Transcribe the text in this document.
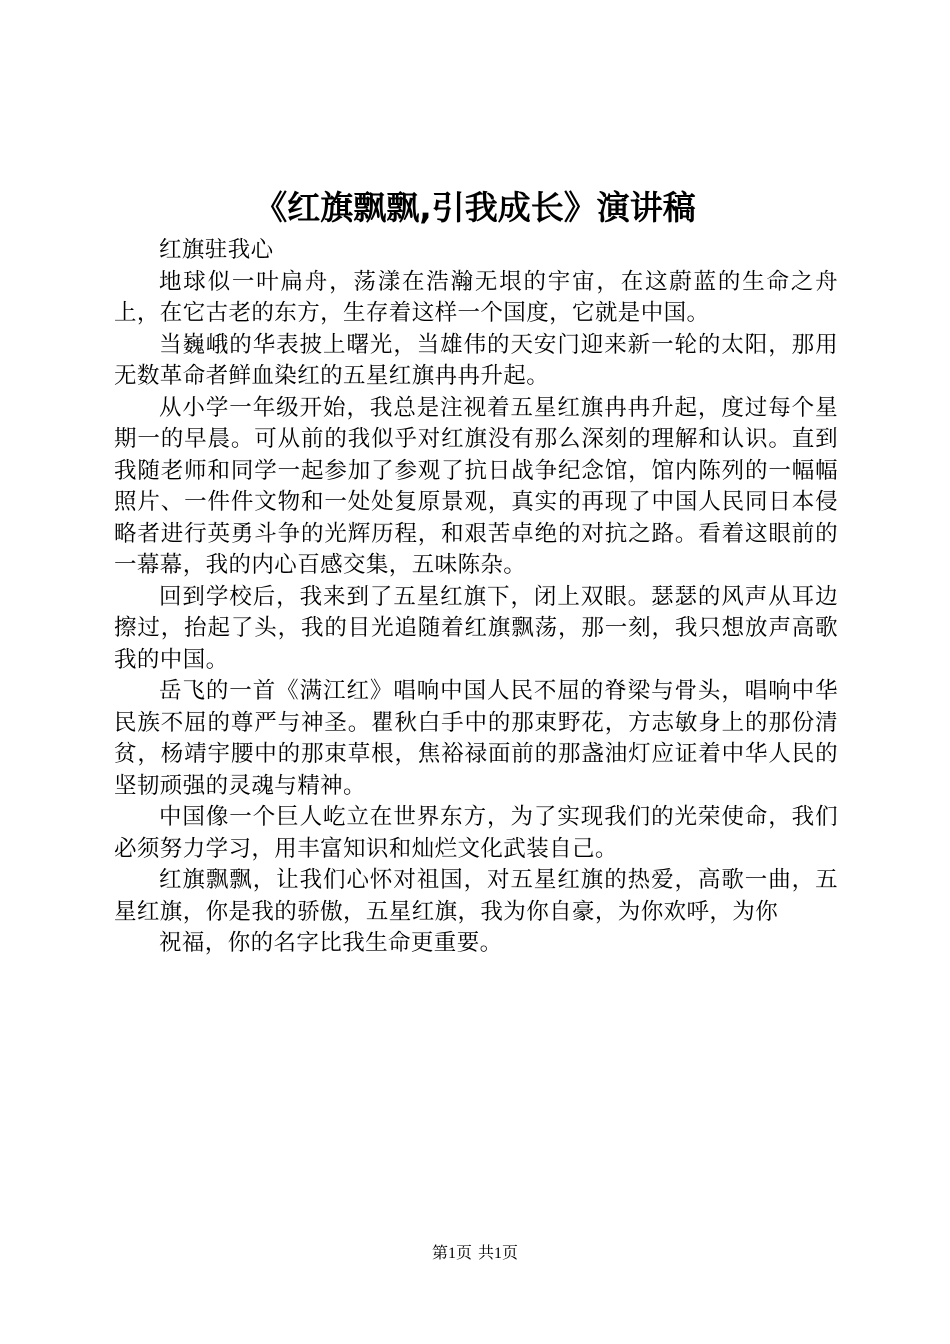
《红旗飘飘,引我成长》演讲稿

红旗驻我心

地球似一叶扁舟，荡漾在浩瀚无垠的宇宙，在这蔚蓝的生命之舟上，在它古老的东方，生存着这样一个国度，它就是中国。

当巍峨的华表披上曙光，当雄伟的天安门迎来新一轮的太阳，那用无数革命者鲜血染红的五星红旗冉冉升起。

从小学一年级开始，我总是注视着五星红旗冉冉升起，度过每个星期一的早晨。可从前的我似乎对红旗没有那么深刻的理解和认识。直到我随老师和同学一起参加了参观了抗日战争纪念馆，馆内陈列的一幅幅照片、一件件文物和一处处复原景观，真实的再现了中国人民同日本侵略者进行英勇斗争的光辉历程，和艰苦卓绝的对抗之路。看着这眼前的一幕幕，我的内心百感交集，五味陈杂。

回到学校后，我来到了五星红旗下，闭上双眼。瑟瑟的风声从耳边擦过，抬起了头，我的目光追随着红旗飘荡，那一刻，我只想放声高歌我的中国。

岳飞的一首《满江红》唱响中国人民不屈的脊梁与骨头，唱响中华民族不屈的尊严与神圣。瞿秋白手中的那束野花，方志敏身上的那份清贫，杨靖宇腰中的那束草根，焦裕禄面前的那盏油灯应证着中华人民的坚韧顽强的灵魂与精神。

中国像一个巨人屹立在世界东方，为了实现我们的光荣使命，我们必须努力学习，用丰富知识和灿烂文化武装自己。

红旗飘飘，让我们心怀对祖国，对五星红旗的热爱，高歌一曲，五星红旗，你是我的骄傲，五星红旗，我为你自豪，为你欢呼，为你

祝福，你的名字比我生命更重要。

第1页 共1页
